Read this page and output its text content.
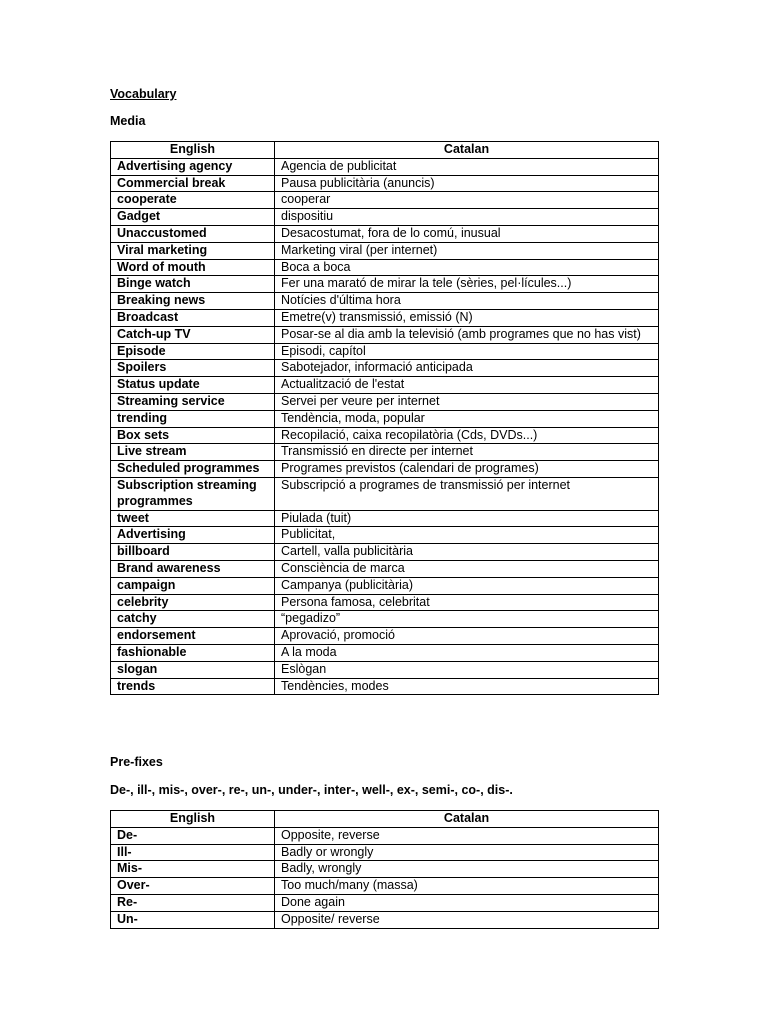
Vocabulary
Media
English	Catalan
Advertising agency	Agencia de publicitat
Commercial break	Pausa publicitària (anuncis)
cooperate	cooperar
Gadget	dispositiu
Unaccustomed	Desacostumat, fora de lo comú, inusual
Viral marketing	Marketing viral (per internet)
Word of mouth	Boca a boca
Binge watch	Fer una marató de mirar la tele (sèries, pel·lícules...)
Breaking news	Notícies d'última hora
Broadcast	Emetre(v) transmissió, emissió (N)
Catch-up TV	Posar-se al dia amb la televisió (amb programes que no has vist)
Episode	Episodi, capítol
Spoilers	Sabotejador, informació anticipada
Status update	Actualització de l'estat
Streaming service	Servei per veure per internet
trending	Tendència, moda, popular
Box sets	Recopilació, caixa recopilatòria (Cds, DVDs...)
Live stream	Transmissió en directe per internet
Scheduled programmes	Programes previstos (calendari de programes)
Subscription streaming programmes	Subscripció a programes de transmissió per internet
tweet	Piulada (tuit)
Advertising	Publicitat,
billboard	Cartell, valla publicitària
Brand awareness	Consciència de marca
campaign	Campanya (publicitària)
celebrity	Persona famosa, celebritat
catchy	“pegadizo”
endorsement	Aprovació, promoció
fashionable	A la moda
slogan	Eslògan
trends	Tendències, modes
Pre-fixes
De-, ill-, mis-, over-, re-, un-, under-, inter-, well-, ex-, semi-, co-, dis-.
English	Catalan
De-	Opposite, reverse
Ill-	Badly or wrongly
Mis-	Badly, wrongly
Over-	Too much/many (massa)
Re-	Done again
Un-	Opposite/ reverse
